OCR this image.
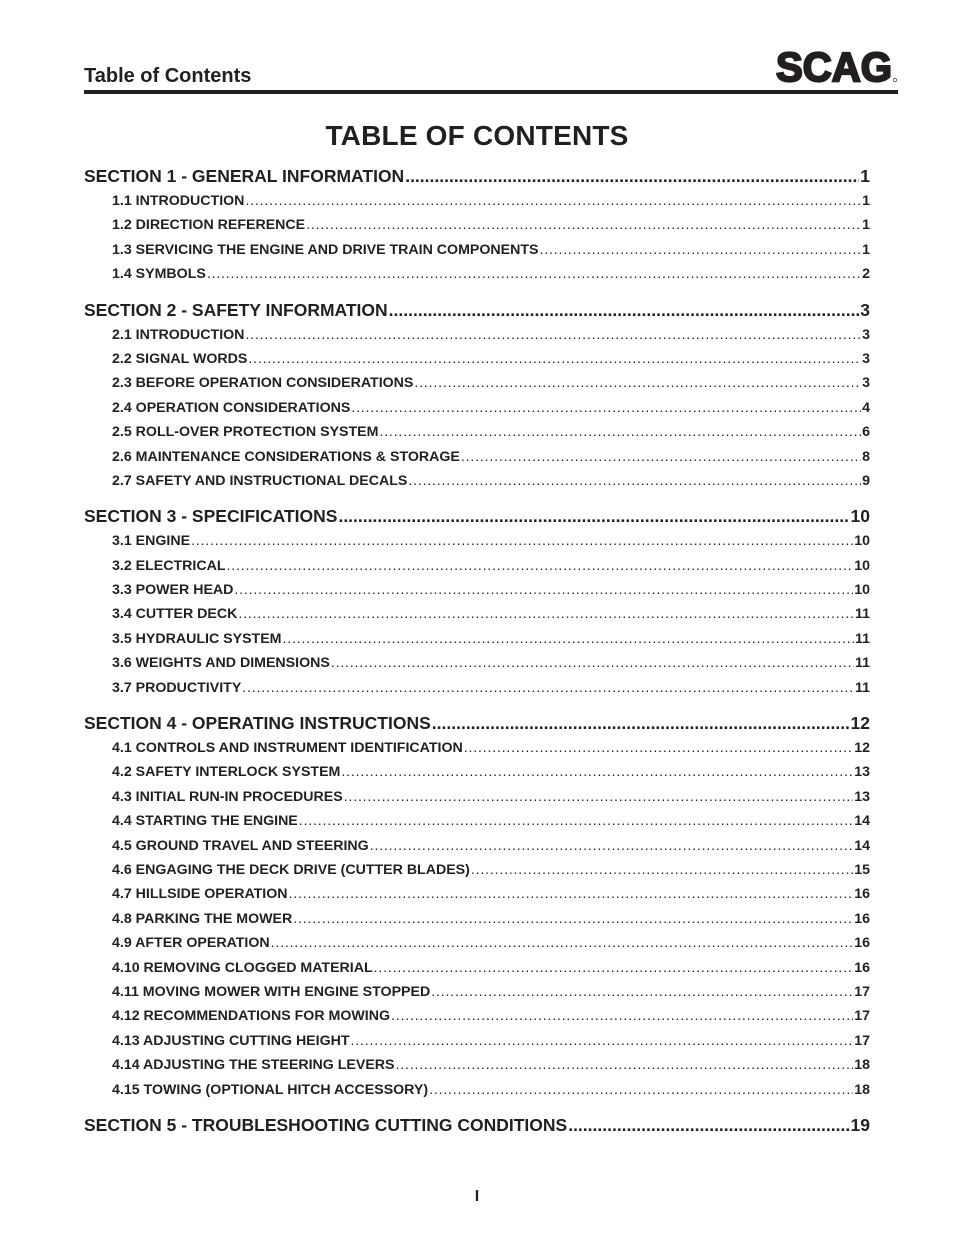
Table of Contents	SCAG
TABLE OF CONTENTS
SECTION 1 - GENERAL INFORMATION .....	1
1.1 INTRODUCTION .....	1
1.2 DIRECTION REFERENCE .....	1
1.3 SERVICING THE ENGINE AND DRIVE TRAIN COMPONENTS .....	1
1.4 SYMBOLS .....	2
SECTION 2 - SAFETY INFORMATION .....	3
2.1 INTRODUCTION .....	3
2.2 SIGNAL WORDS .....	3
2.3 BEFORE OPERATION CONSIDERATIONS .....	3
2.4 OPERATION CONSIDERATIONS .....	4
2.5 ROLL-OVER PROTECTION SYSTEM .....	6
2.6 MAINTENANCE CONSIDERATIONS & STORAGE .....	8
2.7 SAFETY AND INSTRUCTIONAL DECALS .....	9
SECTION 3 - SPECIFICATIONS .....	10
3.1 ENGINE .....	10
3.2 ELECTRICAL .....	10
3.3 POWER HEAD .....	10
3.4 CUTTER DECK .....	11
3.5 HYDRAULIC SYSTEM .....	11
3.6 WEIGHTS AND DIMENSIONS .....	11
3.7 PRODUCTIVITY .....	11
SECTION 4 - OPERATING INSTRUCTIONS .....	12
4.1 CONTROLS AND INSTRUMENT IDENTIFICATION .....	12
4.2 SAFETY INTERLOCK SYSTEM .....	13
4.3 INITIAL RUN-IN PROCEDURES .....	13
4.4 STARTING THE ENGINE .....	14
4.5 GROUND TRAVEL AND STEERING .....	14
4.6 ENGAGING THE DECK DRIVE (CUTTER BLADES) .....	15
4.7 HILLSIDE OPERATION .....	16
4.8 PARKING THE MOWER .....	16
4.9 AFTER OPERATION .....	16
4.10 REMOVING CLOGGED MATERIAL .....	16
4.11 MOVING MOWER WITH ENGINE STOPPED .....	17
4.12 RECOMMENDATIONS FOR MOWING .....	17
4.13 ADJUSTING CUTTING HEIGHT .....	17
4.14 ADJUSTING THE STEERING LEVERS .....	18
4.15 TOWING (OPTIONAL HITCH ACCESSORY) .....	18
SECTION 5 - TROUBLESHOOTING CUTTING CONDITIONS .....	19
I
